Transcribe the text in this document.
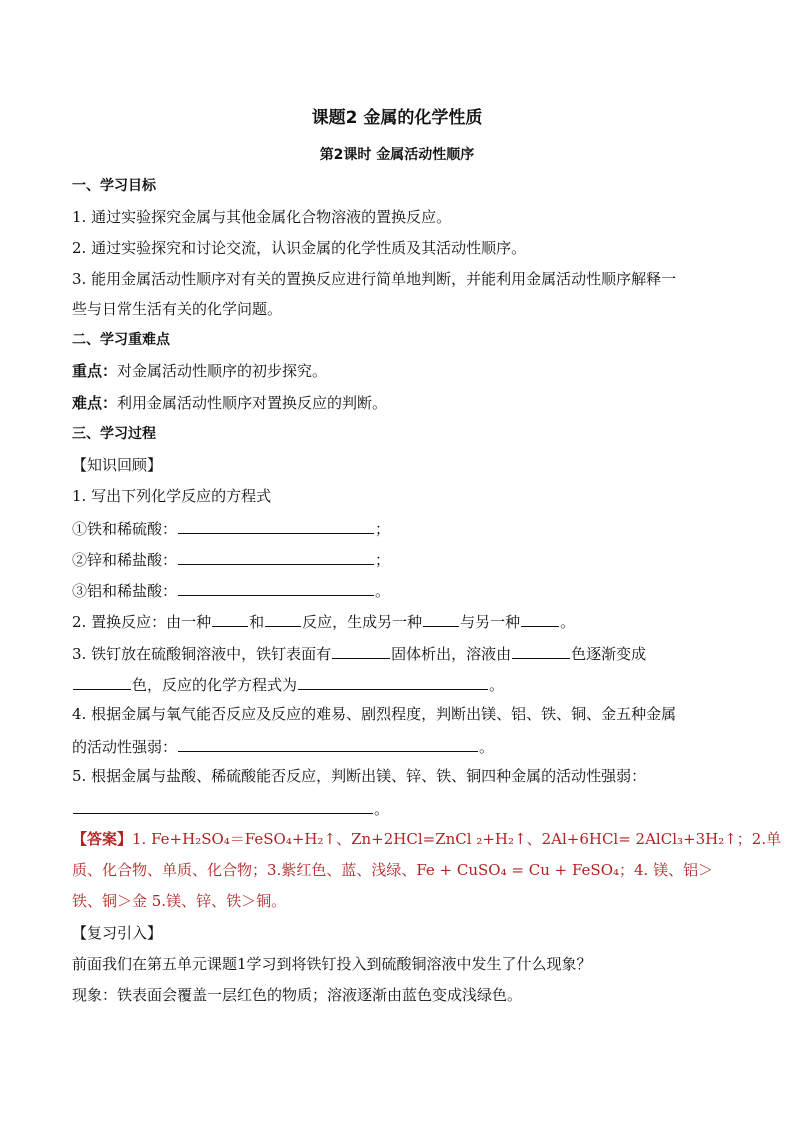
课题2 金属的化学性质
第2课时 金属活动性顺序
一、学习目标
1. 通过实验探究金属与其他金属化合物溶液的置换反应。
2. 通过实验探究和讨论交流，认识金属的化学性质及其活动性顺序。
3. 能用金属活动性顺序对有关的置换反应进行简单地判断，并能利用金属活动性顺序解释一
些与日常生活有关的化学问题。
二、学习重难点
重点：对金属活动性顺序的初步探究。
难点：利用金属活动性顺序对置换反应的判断。
三、学习过程
【知识回顾】
1. 写出下列化学反应的方程式
①铁和稀硫酸：	；
②锌和稀盐酸：	；
③铝和稀盐酸：	。
2. 置换反应：由一种	和	反应，生成另一种	与另一种	。
3. 铁钉放在硫酸铜溶液中，铁钉表面有	固体析出，溶液由	色逐渐变成
色，反应的化学方程式为	。
4. 根据金属与氧气能否反应及反应的难易、剧烈程度，判断出镁、铝、铁、铜、金五种金属
的活动性强弱：	。
5. 根据金属与盐酸、稀硫酸能否反应，判断出镁、锌、铁、铜四种金属的活动性强弱：
。
【答案】1. Fe+H₂SO₄＝FeSO₄+H₂↑、Zn+2HCl=ZnCl ₂+H₂↑、2Al+6HCl= 2AlCl₃+3H₂↑；2.单
质、化合物、单质、化合物；3.紫红色、蓝、浅绿、Fe + CuSO₄ = Cu + FeSO₄；4. 镁、铝＞
铁、铜＞金 5.镁、锌、铁＞铜。
【复习引入】
前面我们在第五单元课题1学习到将铁钉投入到硫酸铜溶液中发生了什么现象？
现象：铁表面会覆盖一层红色的物质；溶液逐渐由蓝色变成浅绿色。
